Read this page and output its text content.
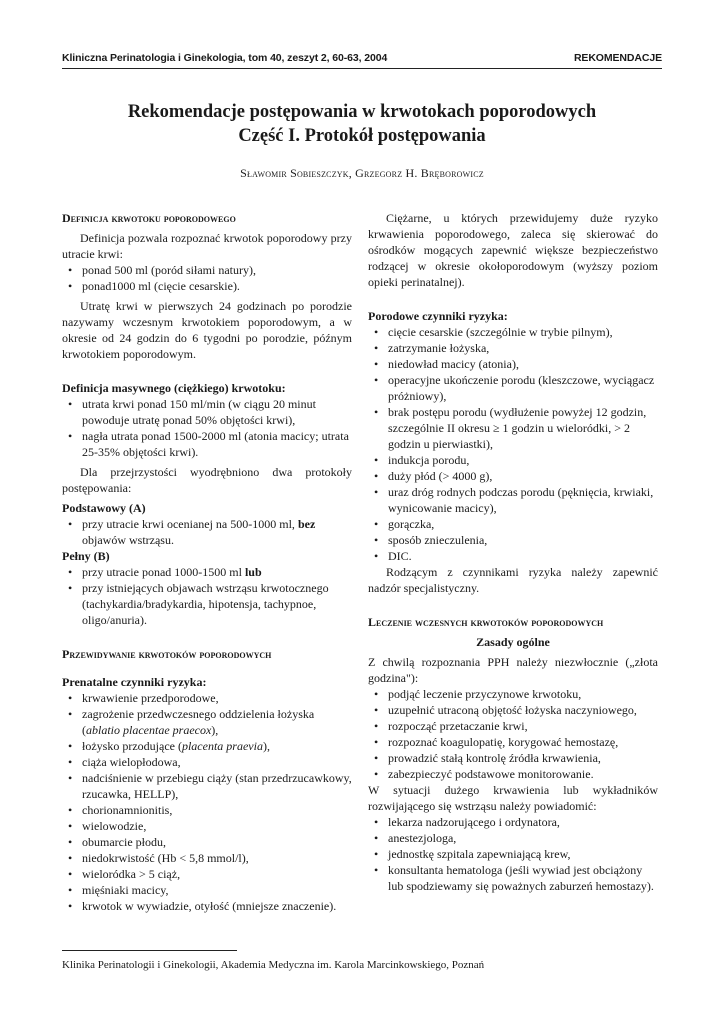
Kliniczna Perinatologia i Ginekologia, tom 40, zeszyt 2, 60-63, 2004	REKOMENDACJE
Rekomendacje postępowania w krwotokach poporodowych
Część I. Protokół postępowania
Sławomir Sobieszczyk, Grzegorz H. Bręborowicz
Definicja krwotoku poporodowego

Definicja pozwala rozpoznać krwotok poporodowy przy utracie krwi:

• ponad 500 ml (poród siłami natury),
• ponad1000 ml (cięcie cesarskie).

Utratę krwi w pierwszych 24 godzinach po porodzie nazywamy wczesnym krwotokiem poporodowym, a w okresie od 24 godzin do 6 tygodni po porodzie, późnym krwotokiem poporodowym.

Definicja masywnego (ciężkiego) krwotoku:
• utrata krwi ponad 150 ml/min (w ciągu 20 minut powoduje utratę ponad 50% objętości krwi),
• nagła utrata ponad 1500-2000 ml (atonia macicy; utrata 25-35% objętości krwi).

Dla przejrzystości wyodrębniono dwa protokoły postępowania:

Podstawowy (A)
• przy utracie krwi ocenianej na 500-1000 ml, bez objawów wstrząsu.
Pełny (B)
• przy utracie ponad 1000-1500 ml lub
• przy istniejących objawach wstrząsu krwotocznego (tachykardia/bradykardia, hipotensja, tachypnoe, oligo/anuria).
Przewidywanie krwotoków poporodowych
Prenatalne czynniki ryzyka:
• krwawienie przedporodowe,
• zagrożenie przedwczesnego oddzielenia łożyska (ablatio placentae praecox),
• łożysko przodujące (placenta praevia),
• ciąża wielopłodowa,
• nadciśnienie w przebiegu ciąży (stan przedrzucawkowy, rzucawka, HELLP),
• chorionamnionitis,
• wielowodzie,
• obumarcie płodu,
• niedokrwistość (Hb < 5,8 mmol/l),
• wieloródka > 5 ciąż,
• mięśniaki macicy,
• krwotok w wywiadzie, otyłość (mniejsze znaczenie).

Ciężarne, u których przewidujemy duże ryzyko krwawienia poporodowego, zaleca się skierować do ośrodków mogących zapewnić większe bezpieczeństwo rodzącej w okresie okołoporodowym (wyższy poziom opieki perinatalnej).

Porodowe czynniki ryzyka:
• cięcie cesarskie (szczególnie w trybie pilnym),
• zatrzymanie łożyska,
• niedowład macicy (atonia),
• operacyjne ukończenie porodu (kleszczowe, wyciągacz próżniowy),
• brak postępu porodu (wydłużenie powyżej 12 godzin, szczególnie II okresu ≥ 1 godzin u wieloródki, > 2 godzin u pierwiastki),
• indukcja porodu,
• duży płód (> 4000 g),
• uraz dróg rodnych podczas porodu (pęknięcia, krwiaki, wynicowanie macicy),
• gorączka,
• sposób znieczulenia,
• DIC.

Rodzącym z czynnikami ryzyka należy zapewnić nadzór specjalistyczny.

Leczenie wczesnych krwotoków poporodowych
Zasady ogólne

Z chwilą rozpoznania PPH należy niezwłocznie („złota godzina"):

• podjąć leczenie przyczynowe krwotoku,
• uzupełnić utraconą objętość łożyska naczyniowego,
• rozpocząć przetaczanie krwi,
• rozpoznać koagulopatię, korygować hemostazę,
• prowadzić stałą kontrolę źródła krwawienia,
• zabezpieczyć podstawowe monitorowanie.

W sytuacji dużego krwawienia lub wykładników rozwijającego się wstrząsu należy powiadomić:

• lekarza nadzorującego i ordynatora,
• anestezjologa,
• jednostkę szpitala zapewniającą krew,
• konsultanta hematologa (jeśli wywiad jest obciążony lub spodziewamy się poważnych zaburzeń hemostazy).
Klinika Perinatologii i Ginekologii, Akademia Medyczna im. Karola Marcinkowskiego, Poznań
